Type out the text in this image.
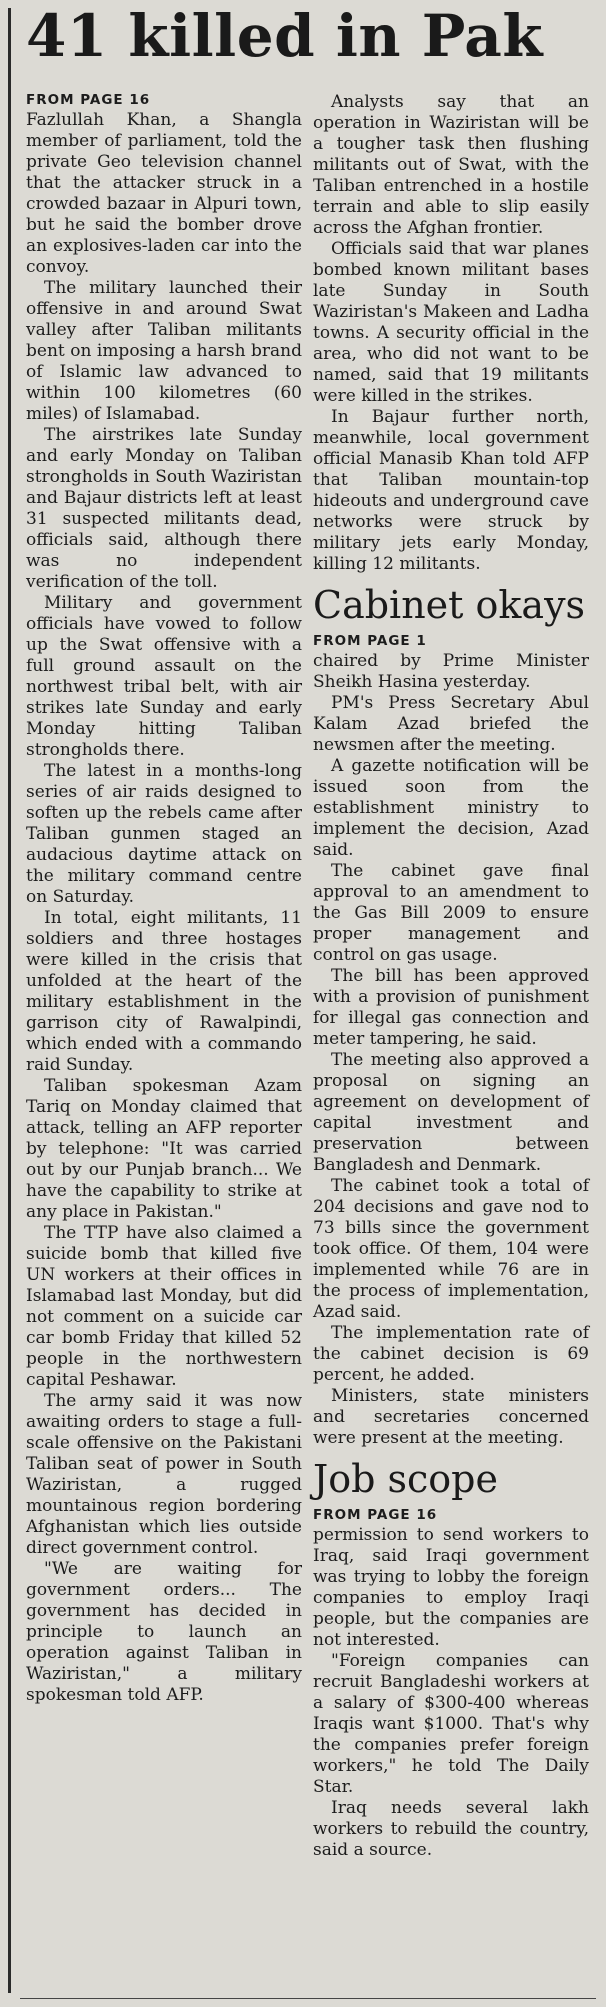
41 killed in Pak
FROM PAGE 16

Fazlullah Khan, a Shangla member of parliament, told the private Geo television channel that the attacker struck in a crowded bazaar in Alpuri town, but he said the bomber drove an explosives-laden car into the convoy.

The military launched their offensive in and around Swat valley after Taliban militants bent on imposing a harsh brand of Islamic law advanced to within 100 kilometres (60 miles) of Islamabad.

The airstrikes late Sunday and early Monday on Taliban strongholds in South Waziristan and Bajaur districts left at least 31 suspected militants dead, officials said, although there was no independent verification of the toll.

Military and government officials have vowed to follow up the Swat offensive with a full ground assault on the northwest tribal belt, with air strikes late Sunday and early Monday hitting Taliban strongholds there.

The latest in a months-long series of air raids designed to soften up the rebels came after Taliban gunmen staged an audacious daytime attack on the military command centre on Saturday.

In total, eight militants, 11 soldiers and three hostages were killed in the crisis that unfolded at the heart of the military establishment in the garrison city of Rawalpindi, which ended with a commando raid Sunday.

Taliban spokesman Azam Tariq on Monday claimed that attack, telling an AFP reporter by telephone: "It was carried out by our Punjab branch... We have the capability to strike at any place in Pakistan."

The TTP have also claimed a suicide bomb that killed five UN workers at their offices in Islamabad last Monday, but did not comment on a suicide car car bomb Friday that killed 52 people in the northwestern capital Peshawar.

The army said it was now awaiting orders to stage a full-scale offensive on the Pakistani Taliban seat of power in South Waziristan, a rugged mountainous region bordering Afghanistan which lies outside direct government control.

"We are waiting for government orders... The government has decided in principle to launch an operation against Taliban in Waziristan," a military spokesman told AFP.

Analysts say that an operation in Waziristan will be a tougher task then flushing militants out of Swat, with the Taliban entrenched in a hostile terrain and able to slip easily across the Afghan frontier.

Officials said that war planes bombed known militant bases late Sunday in South Waziristan's Makeen and Ladha towns. A security official in the area, who did not want to be named, said that 19 militants were killed in the strikes.

In Bajaur further north, meanwhile, local government official Manasib Khan told AFP that Taliban mountain-top hideouts and underground cave networks were struck by military jets early Monday, killing 12 militants.

Cabinet okays
FROM PAGE 1

chaired by Prime Minister Sheikh Hasina yesterday.

PM's Press Secretary Abul Kalam Azad briefed the newsmen after the meeting.

A gazette notification will be issued soon from the establishment ministry to implement the decision, Azad said.

The cabinet gave final approval to an amendment to the Gas Bill 2009 to ensure proper management and control on gas usage.

The bill has been approved with a provision of punishment for illegal gas connection and meter tampering, he said.

The meeting also approved a proposal on signing an agreement on development of capital investment and preservation between Bangladesh and Denmark.

The cabinet took a total of 204 decisions and gave nod to 73 bills since the government took office. Of them, 104 were implemented while 76 are in the process of implementation, Azad said.

The implementation rate of the cabinet decision is 69 percent, he added.

Ministers, state ministers and secretaries concerned were present at the meeting.

Job scope
FROM PAGE 16

permission to send workers to Iraq, said Iraqi government was trying to lobby the foreign companies to employ Iraqi people, but the companies are not interested.

"Foreign companies can recruit Bangladeshi workers at a salary of $300-400 whereas Iraqis want $1000. That's why the companies prefer foreign workers," he told The Daily Star.

Iraq needs several lakh workers to rebuild the country, said a source.
